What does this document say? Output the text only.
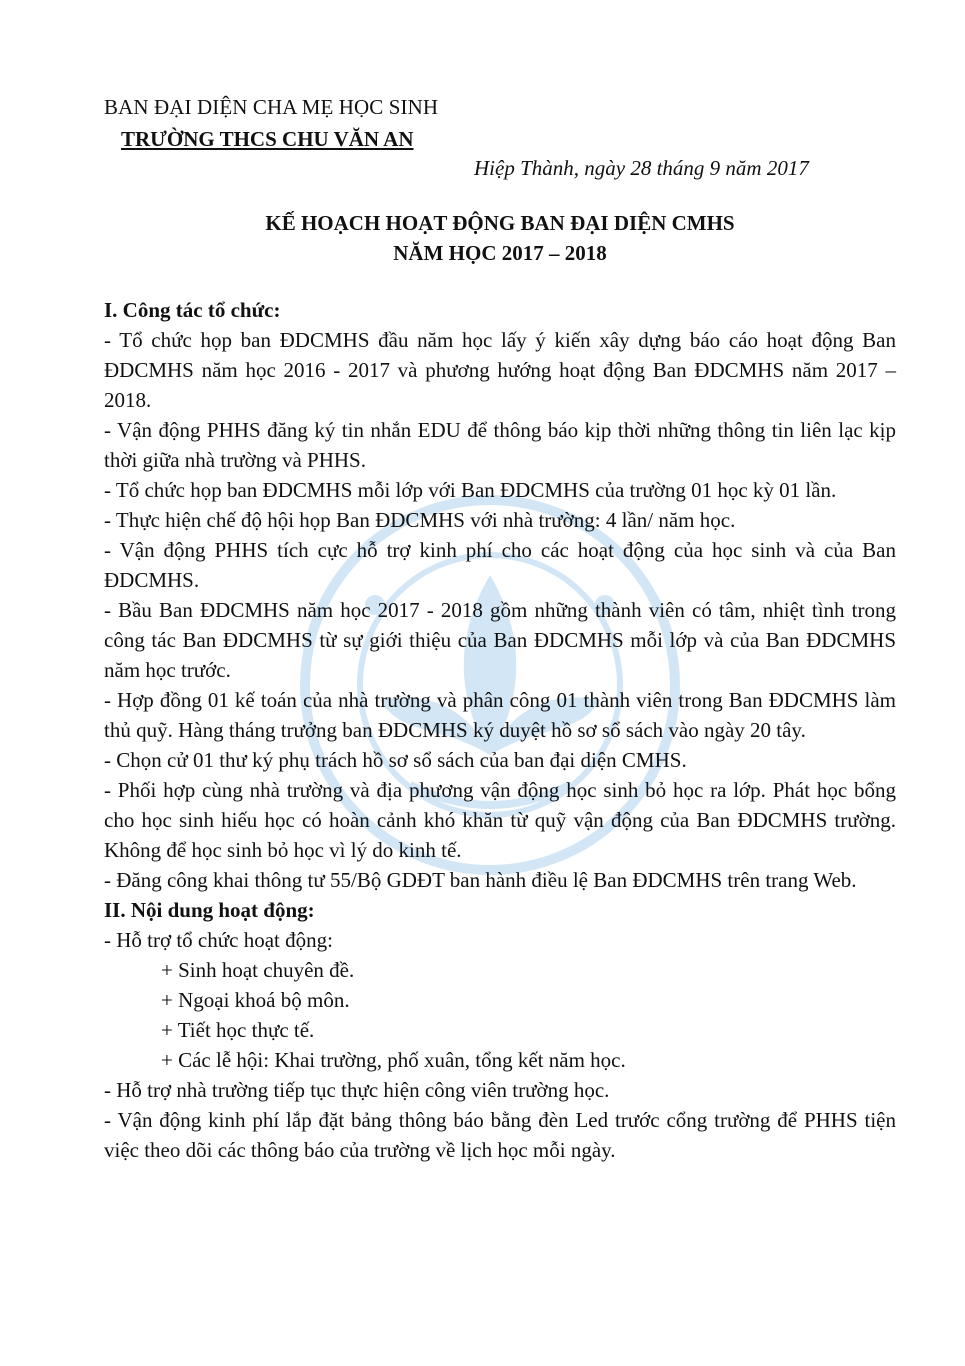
BAN ĐẠI DIỆN CHA MẸ HỌC SINH
TRƯỜNG THCS CHU VĂN AN
Hiệp Thành, ngày 28 tháng 9 năm 2017
KẾ HOẠCH HOẠT ĐỘNG BAN ĐẠI DIỆN CMHS
NĂM HỌC 2017 – 2018
I. Công tác tổ chức:

- Tổ chức họp ban ĐDCMHS đầu năm học lấy ý kiến xây dựng báo cáo hoạt động Ban ĐDCMHS năm học 2016 - 2017 và phương hướng hoạt động Ban ĐDCMHS năm 2017 – 2018.

- Vận động PHHS đăng ký tin nhắn EDU để thông báo kịp thời những thông tin liên lạc kịp thời giữa nhà trường và PHHS.

- Tổ chức họp ban ĐDCMHS mỗi lớp với Ban ĐDCMHS của trường 01 học kỳ 01 lần.

- Thực hiện chế độ hội họp Ban ĐDCMHS với nhà trường: 4 lần/ năm học.

- Vận động PHHS tích cực hỗ trợ kinh phí cho các hoạt động của học sinh và của Ban ĐDCMHS.

- Bầu Ban ĐDCMHS năm học 2017 - 2018 gồm những thành viên có tâm, nhiệt tình trong công tác Ban ĐDCMHS từ sự giới thiệu của Ban ĐDCMHS mỗi lớp và của Ban ĐDCMHS năm học trước.

- Hợp đồng 01 kế toán của nhà trường và phân công 01 thành viên trong Ban ĐDCMHS làm thủ quỹ. Hàng tháng trưởng ban ĐDCMHS ký duyệt hồ sơ sổ sách vào ngày 20 tây.

- Chọn cử 01 thư ký phụ trách hồ sơ sổ sách của ban đại diện CMHS.

- Phối hợp cùng nhà trường và địa phương vận động học sinh bỏ học ra lớp. Phát học bổng cho học sinh hiếu học có hoàn cảnh khó khăn từ quỹ vận động của Ban ĐDCMHS trường. Không để học sinh bỏ học vì lý do kinh tế.

- Đăng công khai thông tư 55/Bộ GDĐT ban hành điều lệ Ban ĐDCMHS trên trang Web.

II. Nội dung hoạt động:

- Hỗ trợ tổ chức hoạt động:

+ Sinh hoạt chuyên đề.

+ Ngoại khoá bộ môn.

+ Tiết học thực tế.

+ Các lễ hội: Khai trường, phố xuân, tổng kết năm học.

- Hỗ trợ nhà trường tiếp tục thực hiện công viên trường học.

- Vận động kinh phí lắp đặt bảng thông báo bằng đèn Led trước cổng trường để PHHS tiện việc theo dõi các thông báo của trường về lịch học mỗi ngày.
